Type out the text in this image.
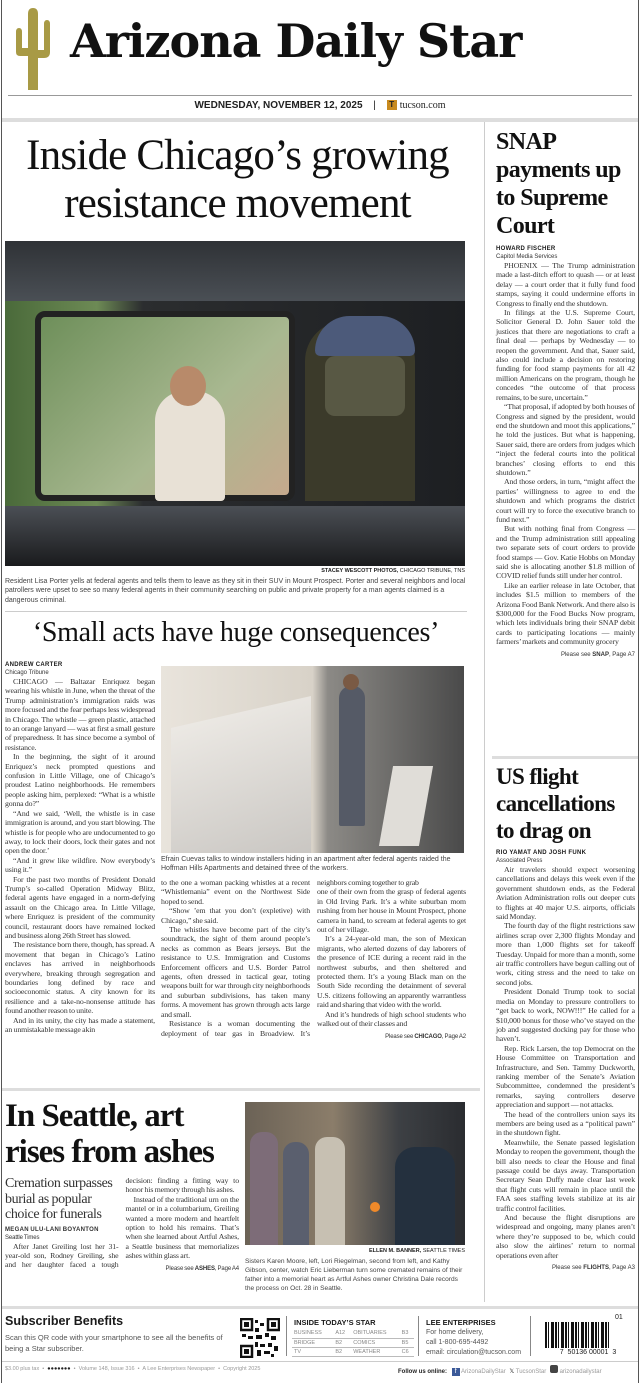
Arizona Daily Star
WEDNESDAY, NOVEMBER 12, 2025 | T tucson.com
Inside Chicago’s growing resistance movement
STACEY WESCOTT PHOTOS, CHICAGO TRIBUNE, TNS
Resident Lisa Porter yells at federal agents and tells them to leave as they sit in their SUV in Mount Prospect. Porter and several neighbors and local patrollers were upset to see so many federal agents in their community searching on public and private property for a man agents claimed is a dangerous criminal.
‘Small acts have huge consequences’
ANDREW CARTER
Chicago Tribune

CHICAGO — Baltazar Enriquez began wearing his whistle in June, when the threat of the Trump administration’s immigration raids was more focused and the fear perhaps less widespread in Chicago. The whistle — green plastic, attached to an orange lanyard — was at first a small gesture of preparedness. It has since become a symbol of resistance.

In the beginning, the sight of it around Enriquez’s neck prompted questions and confusion in Little Village, one of Chicago’s proudest Latino neighborhoods. He remembers people asking him, perplexed: “What is a whistle gonna do?”

“And we said, ‘Well, the whistle is in case immigration is around, and you start blowing. The whistle is for people who are undocumented to go away, to lock their doors, lock their gates and not open the door.’

“And it grew like wildfire. Now everybody’s using it.”

For the past two months of President Donald Trump’s so-called Operation Midway Blitz, federal agents have engaged in a norm-defying assault on the Chicago area. In Little Village, where Enriquez is president of the community council, restaurant doors have remained locked and business along 26th Street has slowed.

The resistance born there, though, has spread. A movement that began in Chicago’s Latino enclaves has arrived in neighborhoods everywhere, breaking through segregation and boundaries long defined by race and socioeconomic status. A city known for its resilience and a take-no-nonsense attitude has found another reason to unite.

And in its unity, the city has made a statement, an unmistakable message akin

Efrain Cuevas talks to window installers hiding in an apartment after federal agents raided the Hoffman Hills Apartments and detained three of the workers.

to the one a woman packing whistles at a recent “Whistlemania” event on the Northwest Side hoped to send.

“Show ’em that you don’t (expletive) with Chicago,” she said.

The whistles have become part of the city’s soundtrack, the sight of them around people’s necks as common as Bears jerseys. But the resistance to U.S. Immigration and Customs Enforcement officers and U.S. Border Patrol agents, often dressed in tactical gear, toting weapons built for war through city neighborhoods and suburban subdivisions, has taken many forms. A movement has grown through acts large and small.

Resistance is a woman documenting the deployment of tear gas in Broadview. It’s neighbors coming together to grab

one of their own from the grasp of federal agents in Old Irving Park. It’s a white suburban mom rushing from her house in Mount Prospect, phone camera in hand, to scream at federal agents to get out of her village.

It’s a 24-year-old man, the son of Mexican migrants, who alerted dozens of day laborers of the presence of ICE during a recent raid in the northwest suburbs, and then sheltered and protected them. It’s a young Black man on the South Side recording the detainment of several U.S. citizens following an apparently warrantless raid and sharing that video with the world.

And it’s hundreds of high school students who walked out of their classes and

Please see CHICAGO, Page A2
In Seattle, art rises from ashes
Cremation surpasses burial as popular choice for funerals
MEGAN ULU-LANI BOYANTON
Seattle Times

After Janet Greiling lost her 31-year-old son, Rodney Greiling, she and her daughter faced a tough decision: finding a fitting way to honor his memory through his ashes.

Instead of the traditional urn on the mantel or in a columbarium, Greiling wanted a more modern and heartfelt option to hold his remains. That’s when she learned about Artful Ashes, a Seattle business that memorializes ashes within glass art.

Please see ASHES, Page A4
ELLEN M. BANNER, SEATTLE TIMES
Sisters Karen Moore, left, Lori Riegelman, second from left, and Kathy Gibson, center, watch Eric Lieberman turn some cremated remains of their father into a memorial heart as Artful Ashes owner Christina Dale records the process on Oct. 28 in Seattle.
SNAP payments up to Supreme Court
HOWARD FISCHER
Capitol Media Services

PHOENIX — The Trump administration made a last-ditch effort to quash — or at least delay — a court order that it fully fund food stamps, saying it could undermine efforts in Congress to finally end the shutdown.

In filings at the U.S. Supreme Court, Solicitor General D. John Sauer told the justices that there are negotiations to craft a final deal — perhaps by Wednesday — to reopen the government. And that, Sauer said, also could include a decision on restoring funding for food stamp payments for all 42 million Americans on the program, though he concedes “the outcome of that process remains, to be sure, uncertain.”

“That proposal, if adopted by both houses of Congress and signed by the president, would end the shutdown and moot this applications,” he told the justices. But what is happening, Sauer said, there are orders from judges which “inject the federal courts into the political branches’ closing efforts to end this shutdown.”

And those orders, in turn, “might affect the parties’ willingness to agree to end the shutdown and which programs the district court will try to force the executive branch to fund next.”

But with nothing final from Congress — and the Trump administration still appealing two separate sets of court orders to provide food stamps — Gov. Katie Hobbs on Monday said she is allocating another $1.8 million of COVID relief funds still under her control.

Like an earlier release in late October, that includes $1.5 million to members of the Arizona Food Bank Network. And there also is $300,000 for the Food Bucks Now program, which lets individuals bring their SNAP debit cards to participating locations — mainly farmers’ markets and community grocery

Please see SNAP, Page A7
US flight cancellations to drag on
RIO YAMAT AND JOSH FUNK
Associated Press

Air travelers should expect worsening cancellations and delays this week even if the government shutdown ends, as the Federal Aviation Administration rolls out deeper cuts to flights at 40 major U.S. airports, officials said Monday.

The fourth day of the flight restrictions saw airlines scrap over 2,300 flights Monday and more than 1,000 flights set for takeoff Tuesday. Unpaid for more than a month, some air traffic controllers have begun calling out of work, citing stress and the need to take on second jobs.

President Donald Trump took to social media on Monday to pressure controllers to “get back to work, NOW!!!” He called for a $10,000 bonus for those who’ve stayed on the job and suggested docking pay for those who haven’t.

Rep. Rick Larsen, the top Democrat on the House Committee on Transportation and Infrastructure, and Sen. Tammy Duckworth, ranking member of the Senate’s Aviation Subcommittee, condemned the president’s remarks, saying controllers deserve appreciation and support — not attacks.

The head of the controllers union says its members are being used as a “political pawn” in the shutdown fight.

Meanwhile, the Senate passed legislation Monday to reopen the government, though the bill also needs to clear the House and final passage could be days away. Transportation Secretary Sean Duffy made clear last week that flight cuts will remain in place until the FAA sees staffing levels stabilize at its air traffic control facilities.

And because the flight disruptions are widespread and ongoing, many planes aren’t where they’re supposed to be, which could also slow the airlines’ return to normal operations even after

Please see FLIGHTS, Page A3
Subscriber Benefits
Scan this QR code with your smartphone to see all the benefits of being a Star subscriber.
INSIDE TODAY’S STAR
BUSINESS	A12	OBITUARIES	B3
BRIDGE	B2	COMICS	B5
TV	B2	WEATHER	C6
LEE ENTERPRISES
For home delivery,
call 1-800-695-4492
email: circulation@tucson.com
01
7  50136 00001  3
$3.00 plus tax  •  ●●●●●●●  •  Volume 148, Issue 316  •  A Lee Enterprises Newspaper  •  Copyright 2025	Follow us online: f ArizonaDailyStar 𝕏 TucsonStar arizonadailystar
